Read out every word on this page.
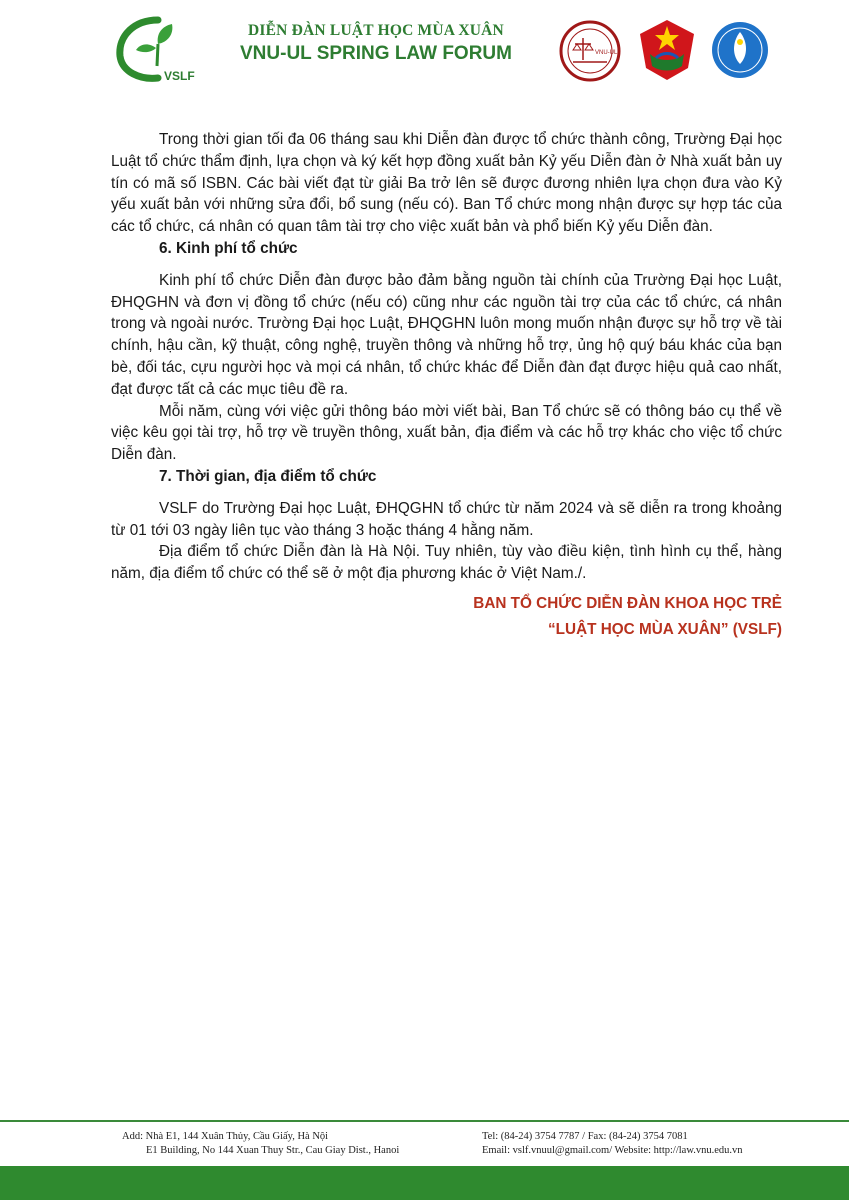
VSLF
DIỄN ĐÀN LUẬT HỌC MÙA XUÂN
VNU-UL SPRING LAW FORUM	VNU-UL

Trong thời gian tối đa 06 tháng sau khi Diễn đàn được tổ chức thành công, Trường Đại học Luật tổ chức thẩm định, lựa chọn và ký kết hợp đồng xuất bản Kỷ yếu Diễn đàn ở Nhà xuất bản uy tín có mã số ISBN. Các bài viết đạt từ giải Ba trở lên sẽ được đương nhiên lựa chọn đưa vào Kỷ yếu xuất bản với những sửa đổi, bổ sung (nếu có). Ban Tổ chức mong nhận được sự hợp tác của các tổ chức, cá nhân có quan tâm tài trợ cho việc xuất bản và phổ biến Kỷ yếu Diễn đàn.

6. Kinh phí tổ chức

Kinh phí tổ chức Diễn đàn được bảo đảm bằng nguồn tài chính của Trường Đại học Luật, ĐHQGHN và đơn vị đồng tổ chức (nếu có) cũng như các nguồn tài trợ của các tổ chức, cá nhân trong và ngoài nước. Trường Đại học Luật, ĐHQGHN luôn mong muốn nhận được sự hỗ trợ về tài chính, hậu cần, kỹ thuật, công nghệ, truyền thông và những hỗ trợ, ủng hộ quý báu khác của bạn bè, đối tác, cựu người học và mọi cá nhân, tổ chức khác để Diễn đàn đạt được hiệu quả cao nhất, đạt được tất cả các mục tiêu đề ra.

Mỗi năm, cùng với việc gửi thông báo mời viết bài, Ban Tổ chức sẽ có thông báo cụ thể về việc kêu gọi tài trợ, hỗ trợ về truyền thông, xuất bản, địa điểm và các hỗ trợ khác cho việc tổ chức Diễn đàn.

7. Thời gian, địa điểm tổ chức

VSLF do Trường Đại học Luật, ĐHQGHN tổ chức từ năm 2024 và sẽ diễn ra trong khoảng từ 01 tới 03 ngày liên tục vào tháng 3 hoặc tháng 4 hằng năm.

Địa điểm tổ chức Diễn đàn là Hà Nội. Tuy nhiên, tùy vào điều kiện, tình hình cụ thể, hàng năm, địa điểm tổ chức có thể sẽ ở một địa phương khác ở Việt Nam./.

BAN TỔ CHỨC DIỄN ĐÀN KHOA HỌC TRẺ

“LUẬT HỌC MÙA XUÂN” (VSLF)

Add: Nhà E1, 144 Xuân Thủy, Cầu Giấy, Hà Nội
E1 Building, No 144 Xuan Thuy Str., Cau Giay Dist., Hanoi
Tel: (84-24) 3754 7787 / Fax: (84-24) 3754 7081
Email: vslf.vnuul@gmail.com/ Website: http://law.vnu.edu.vn
